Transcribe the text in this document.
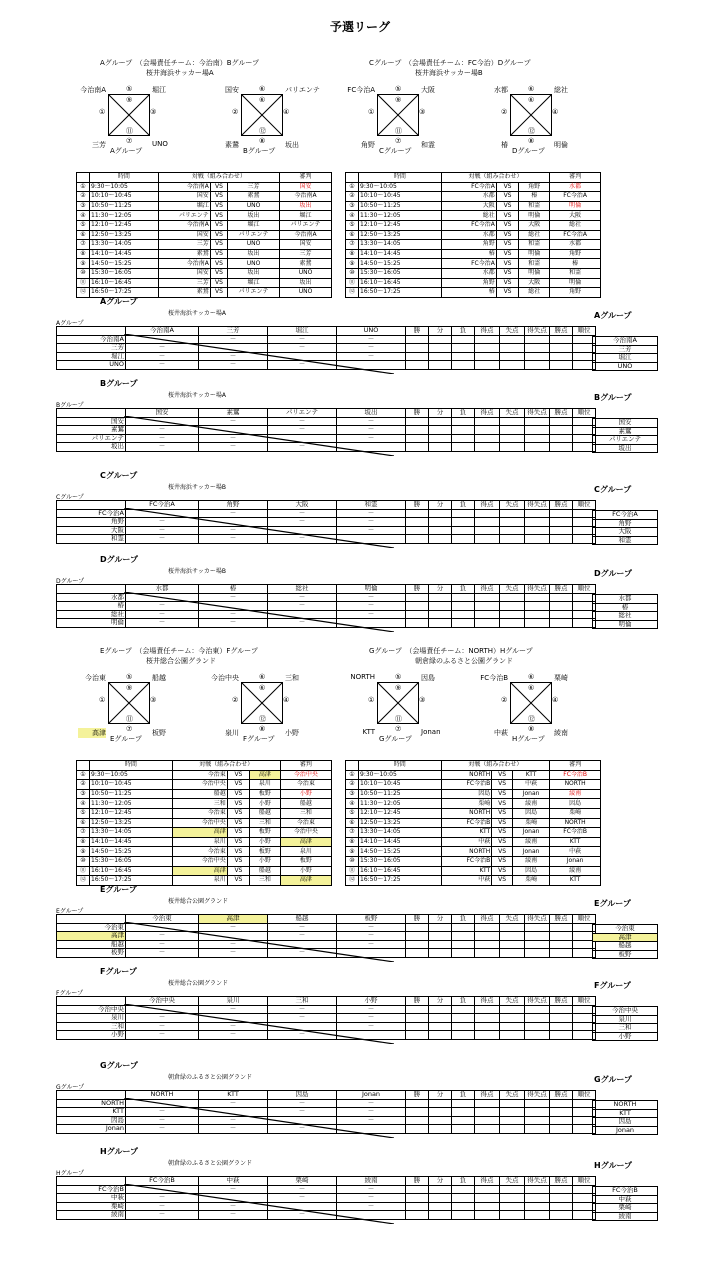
予選リーグ
Aグループ　（会場責任チーム：今治南）Bグループ
桜井海浜サッカー場A
今治南A	堀江
三芳	UNO
⑤
①	③
⑦
⑨
⑪
Aグループ
国安	パリエンテ
素鵞	坂出
⑥
②	④
⑧
⑥
⑫
Bグループ
	時間	対戦（組み合わせ）			審判
①	9:30～10:05	今治南A	VS	三芳	国安
②	10:10～10:45	国安	VS	素鵞	今治南A
③	10:50～11:25	堀江	VS	UNO	坂出
④	11:30～12:05	パリエンテ	VS	坂出	堀江
⑤	12:10～12:45	今治南A	VS	堀江	パリエンテ
⑥	12:50～13:25	国安	VS	パリエンテ	今治南A
⑦	13:30～14:05	三芳	VS	UNO	国安
⑧	14:10～14:45	素鵞	VS	坂出	三芳
⑨	14:50～15:25	今治南A	VS	UNO	素鵞
⑩	15:30～16:05	国安	VS	坂出	UNO
⑪	16:10～16:45	三芳	VS	堀江	坂出
⑫	16:50～17:25	素鵞	VS	パリエンテ	UNO
Cグループ　（会場責任チーム：FC今治）Dグループ
桜井海浜サッカー場B
FC今治A	大阪
角野	和霊
⑤
①	③
⑦
⑨
⑪
Cグループ
水都	総社
椿	明倫
⑥
②	④
⑧
⑥
⑫
Dグループ
	時間	対戦（組み合わせ）			審判
①	9:30～10:05	FC今治A	VS	角野	水都
②	10:10～10:45	水都	VS	椿	FC今治A
③	10:50～11:25	大阪	VS	和霊	明倫
④	11:30～12:05	総社	VS	明倫	大阪
⑤	12:10～12:45	FC今治A	VS	大阪	総社
⑥	12:50～13:25	水都	VS	総社	FC今治A
⑦	13:30～14:05	角野	VS	和霊	水都
⑧	14:10～14:45	椿	VS	明倫	角野
⑨	14:50～15:25	FC今治A	VS	和霊	椿
⑩	15:30～16:05	水都	VS	明倫	和霊
⑪	16:10～16:45	角野	VS	大阪	明倫
⑫	16:50～17:25	椿	VS	総社	角野
Eグループ　（会場責任チーム：今治東）Fグループ
桜井総合公園グランド
今治東	船越
高津	板野
⑤
①	③
⑦
⑨
⑪
Eグループ
今治中央	三和
泉川	小野
⑥
②	④
⑧
⑥
⑫
Fグループ
	時間	対戦（組み合わせ）			審判
①	9:30～10:05	今治東	VS	高津	今治中央
②	10:10～10:45	今治中央	VS	泉川	今治東
③	10:50～11:25	船越	VS	板野	小野
④	11:30～12:05	三和	VS	小野	船越
⑤	12:10～12:45	今治東	VS	船越	三和
⑥	12:50～13:25	今治中央	VS	三和	今治東
⑦	13:30～14:05	高津	VS	板野	今治中央
⑧	14:10～14:45	泉川	VS	小野	高津
⑨	14:50～15:25	今治東	VS	板野	泉川
⑩	15:30～16:05	今治中央	VS	小野	板野
⑪	16:10～16:45	高津	VS	船越	小野
⑫	16:50～17:25	泉川	VS	三和	高津
Gグループ　（会場責任チーム：NORTH）Hグループ
朝倉緑のふるさと公園グランド
NORTH	因島
KTT	Jonan
⑤
①	③
⑦
⑨
⑪
Gグループ
FC今治B	栗崎
中萩	綾南
⑥
②	④
⑧
⑥
⑫
Hグループ
	時間	対戦（組み合わせ）			審判
①	9:30～10:05	NORTH	VS	KTT	FC今治B
②	10:10～10:45	FC今治B	VS	中萩	NORTH
③	10:50～11:25	因島	VS	Jonan	綾南
④	11:30～12:05	栗崎	VS	綾南	因島
⑤	12:10～12:45	NORTH	VS	因島	栗崎
⑥	12:50～13:25	FC今治B	VS	栗崎	NORTH
⑦	13:30～14:05	KTT	VS	Jonan	FC今治B
⑧	14:10～14:45	中萩	VS	綾南	KTT
⑨	14:50～15:25	NORTH	VS	Jonan	中萩
⑩	15:30～16:05	FC今治B	VS	綾南	Jonan
⑪	16:10～16:45	KTT	VS	因島	綾南
⑫	16:50～17:25	中萩	VS	栗崎	KTT
Aグループ
桜井海浜サッカー場A	Aグループ
Aグループ
	今治南A	三芳	堀江	UNO	勝	分	負	得点	失点	得失点	勝点	順位
今治南A		－	－	－								
三芳	－		－	－								
堀江	－	－		－								
UNO	－	－	－									
今治南A
三芳
堀江
UNO
Bグループ
桜井海浜サッカー場A	Bグループ
Bグループ
	国安	素鵞	パリエンテ	坂出	勝	分	負	得点	失点	得失点	勝点	順位
国安		－	－	－								
素鵞	－		－	－								
パリエンテ	－	－		－								
坂出	－	－	－									
国安
素鵞
パリエンテ
坂出
Cグループ
桜井海浜サッカー場B	Cグループ
Cグループ
	FC今治A	角野	大阪	和霊	勝	分	負	得点	失点	得失点	勝点	順位
FC今治A		－	－	－								
角野	－		－	－								
大阪	－	－		－								
和霊	－	－	－									
FC今治A
角野
大阪
和霊
Dグループ
桜井海浜サッカー場B	Dグループ
Dグループ
	水都	椿	総社	明倫	勝	分	負	得点	失点	得失点	勝点	順位
水都		－	－	－								
椿	－		－	－								
総社	－	－		－								
明倫	－	－	－									
水都
椿
総社
明倫
Eグループ
桜井総合公園グランド	Eグループ
Eグループ
	今治東	高津	船越	板野	勝	分	負	得点	失点	得失点	勝点	順位
今治東		－	－	－								
高津	－		－	－								
船越	－	－		－								
板野	－	－	－									
今治東
高津
船越
板野
Fグループ
桜井総合公園グランド	Fグループ
Fグループ
	今治中央	泉川	三和	小野	勝	分	負	得点	失点	得失点	勝点	順位
今治中央		－	－	－								
泉川	－		－	－								
三和	－	－		－								
小野	－	－	－									
今治中央
泉川
三和
小野
Gグループ
朝倉緑のふるさと公園グランド	Gグループ
Gグループ
	NORTH	KTT	因島	Jonan	勝	分	負	得点	失点	得失点	勝点	順位
NORTH		－	－	－								
KTT	－		－	－								
因島	－	－		－								
Jonan	－	－	－									
NORTH
KTT
因島
Jonan
Hグループ
朝倉緑のふるさと公園グランド	Hグループ
Hグループ
	FC今治B	中萩	栗崎	綾南	勝	分	負	得点	失点	得失点	勝点	順位
FC今治B		－	－	－								
中萩	－		－	－								
栗崎	－	－		－								
綾南	－	－	－									
FC今治B
中萩
栗崎
綾南
